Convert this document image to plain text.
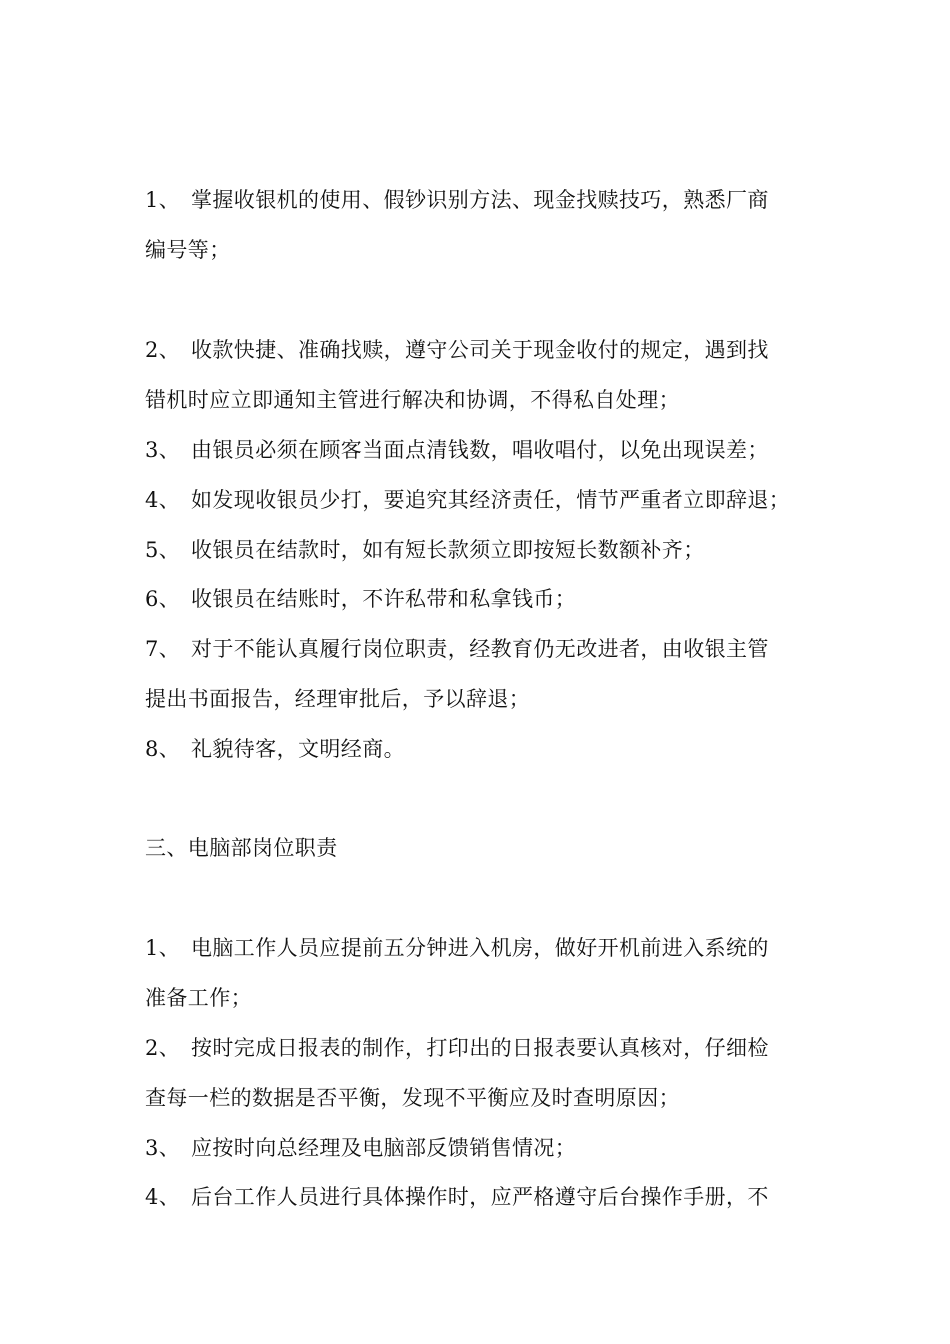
1、 掌握收银机的使用、假钞识别方法、现金找赎技巧，熟悉厂商
编号等；
2、 收款快捷、准确找赎，遵守公司关于现金收付的规定，遇到找
错机时应立即通知主管进行解决和协调，不得私自处理；
3、 由银员必须在顾客当面点清钱数，唱收唱付，以免出现误差；
4、 如发现收银员少打，要追究其经济责任，情节严重者立即辞退；
5、 收银员在结款时，如有短长款须立即按短长数额补齐；
6、 收银员在结账时，不许私带和私拿钱币；
7、 对于不能认真履行岗位职责，经教育仍无改进者，由收银主管
提出书面报告，经理审批后，予以辞退；
8、 礼貌待客，文明经商。
三、电脑部岗位职责
1、 电脑工作人员应提前五分钟进入机房，做好开机前进入系统的
准备工作；
2、 按时完成日报表的制作，打印出的日报表要认真核对，仔细检
查每一栏的数据是否平衡，发现不平衡应及时查明原因；
3、 应按时向总经理及电脑部反馈销售情况；
4、 后台工作人员进行具体操作时，应严格遵守后台操作手册，不
